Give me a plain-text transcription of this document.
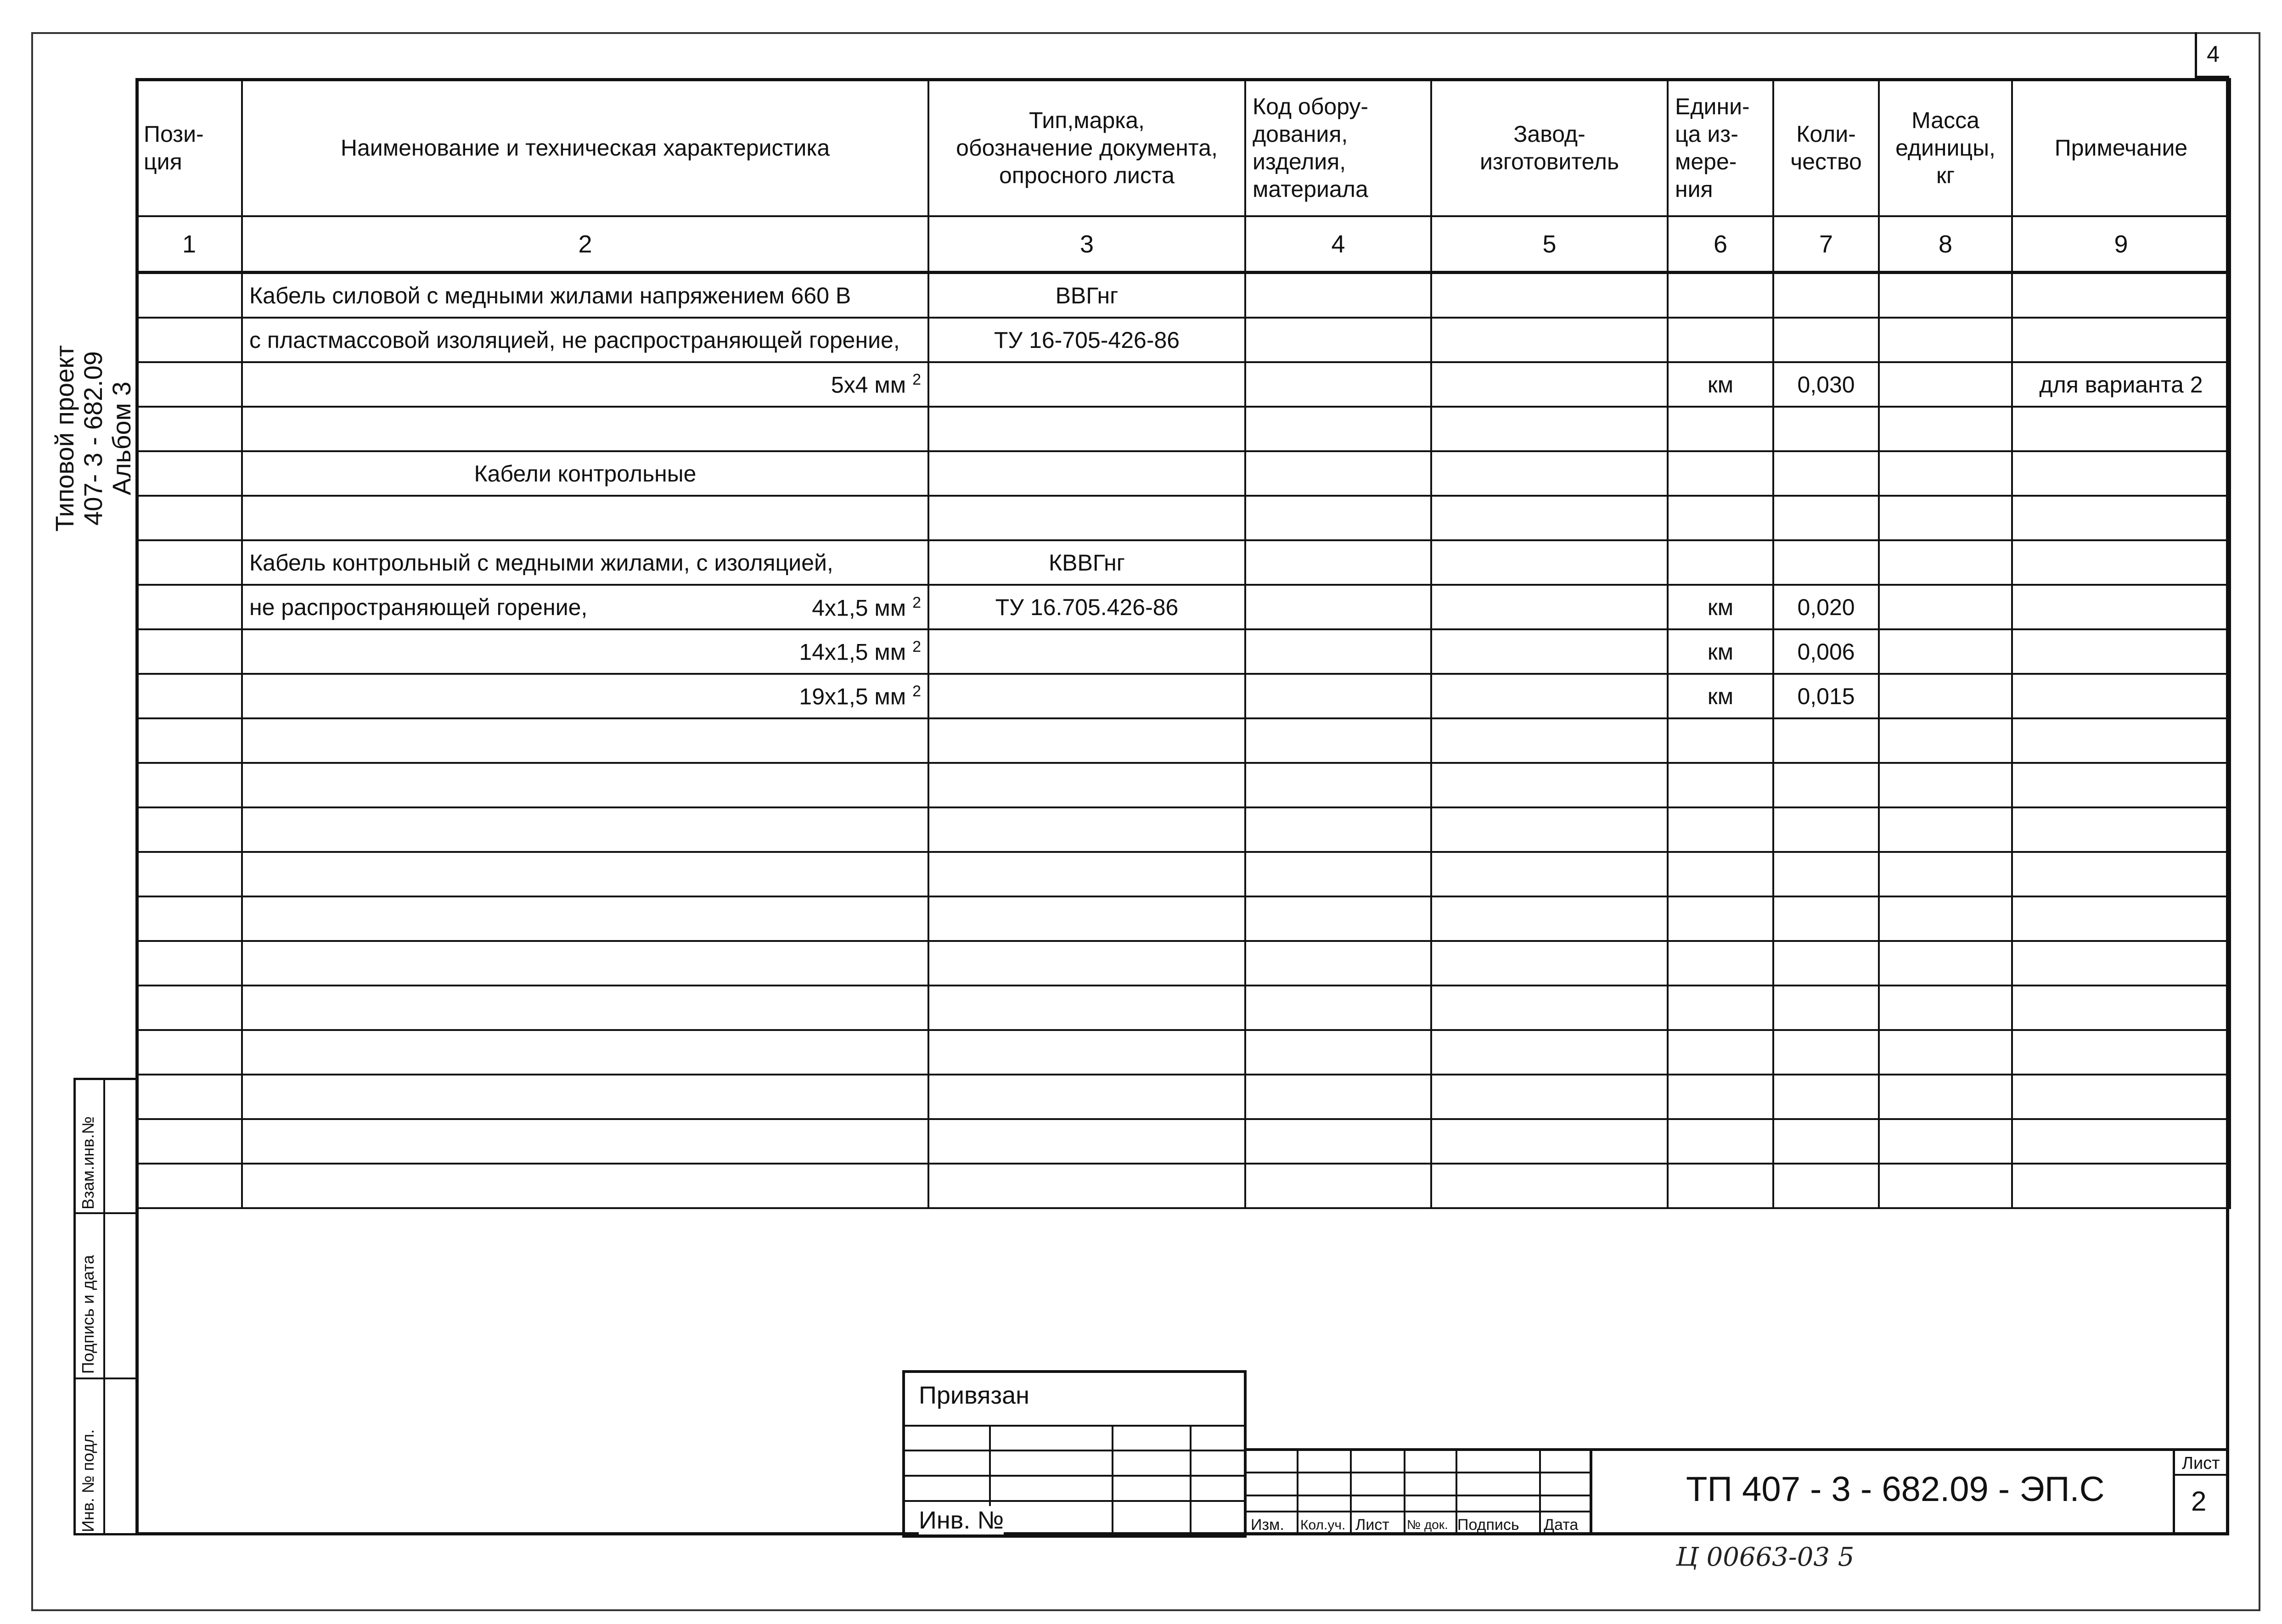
4
Типовой проект 407- 3 - 682.09 Альбом 3
Пози-
ция	Наименование и техническая характеристика	Тип,марка,
обозначение документа,
опросного листа	Код обору-
дования,
изделия,
материала	Завод-
изготовитель	Едини-
ца из-
мере-
ния	Коли-
чество	Масса
единицы,
кг	Примечание

1	2	3	4	5	6	7	8	9
	Кабель силовой с медными жилами напряжением 660 В	ВВГнг						
	с пластмассовой изоляцией, не распространяющей горение,	ТУ 16-705-426-86						
	5х4 мм $^2$				км	0,030		для варианта 2

	Кабели контрольные							

	Кабель контрольный с медными жилами, с изоляцией,	КВВГнг						
	не распространяющей горение, 4х1,5 мм $^2$	ТУ 16.705.426-86			км	0,020		
	14х1,5 мм $^2$				км	0,006		
	19х1,5 мм $^2$				км	0,015		

Взам.инв.№
Подпись и дата
Инв. № подл.
Привязан
Инв. №	Изм. Кол.уч. Лист № док. Подпись Дата
ТП 407 - 3 - 682.09 - ЭП.С
Лист
2
Ц 00663-03 5
